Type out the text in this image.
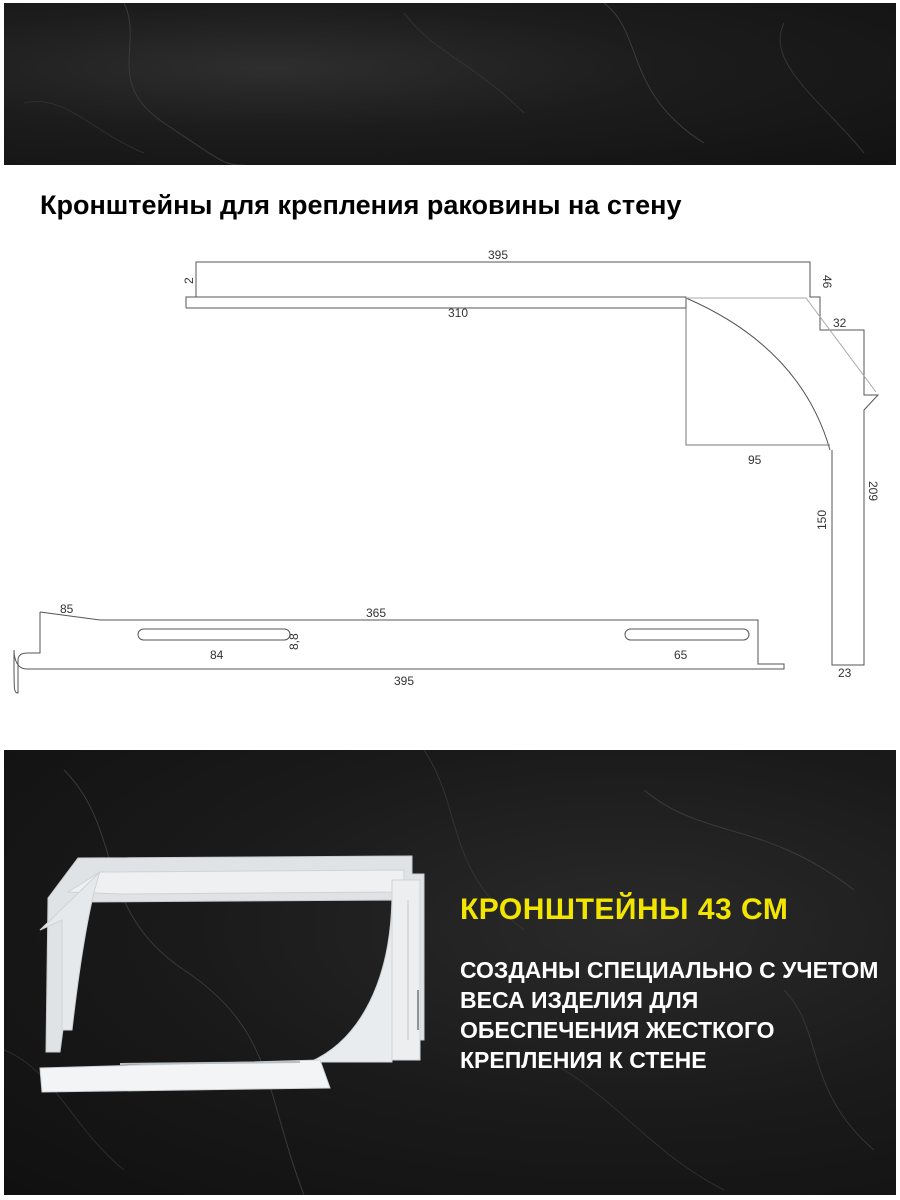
Кронштейны для крепления раковины на стену
395
310
2	46
32
95
209
150
23
85	365
84
8,8
65
395
КРОНШТЕЙНЫ 43 СМ

СОЗДАНЫ СПЕЦИАЛЬНО С УЧЕТОМ ВЕСА ИЗДЕЛИЯ ДЛЯ ОБЕСПЕЧЕНИЯ ЖЕСТКОГО КРЕПЛЕНИЯ К СТЕНЕ
